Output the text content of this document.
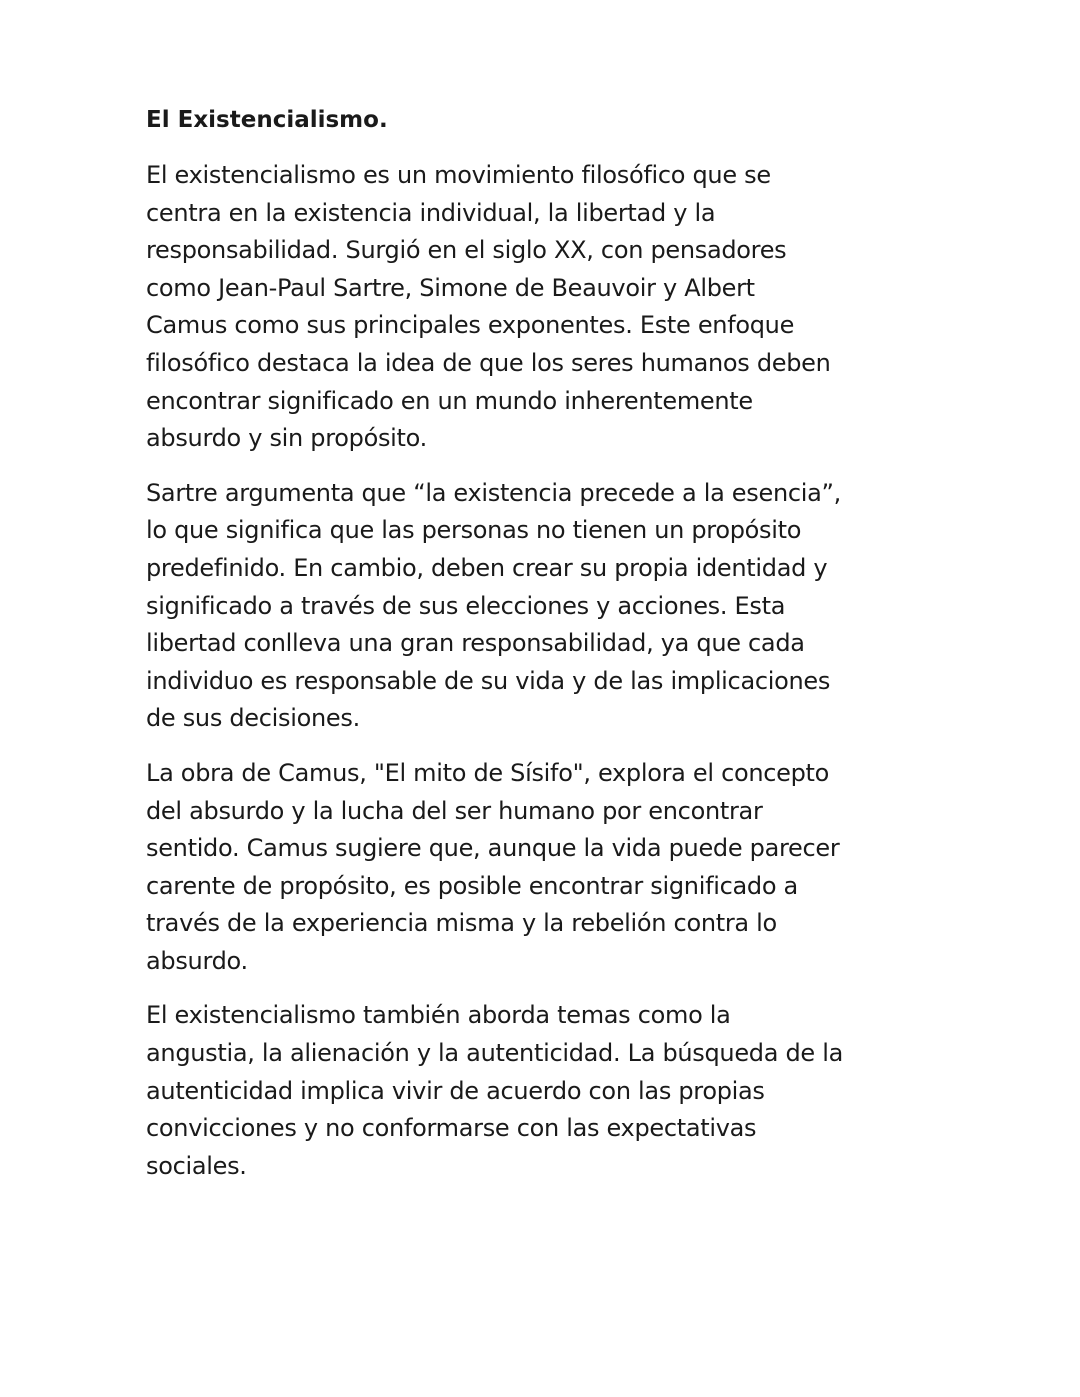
El Existencialismo.

El existencialismo es un movimiento filosófico que se
centra en la existencia individual, la libertad y la
responsabilidad. Surgió en el siglo XX, con pensadores
como Jean-Paul Sartre, Simone de Beauvoir y Albert
Camus como sus principales exponentes. Este enfoque
filosófico destaca la idea de que los seres humanos deben
encontrar significado en un mundo inherentemente
absurdo y sin propósito.

Sartre argumenta que “la existencia precede a la esencia”,
lo que significa que las personas no tienen un propósito
predefinido. En cambio, deben crear su propia identidad y
significado a través de sus elecciones y acciones. Esta
libertad conlleva una gran responsabilidad, ya que cada
individuo es responsable de su vida y de las implicaciones
de sus decisiones.

La obra de Camus, "El mito de Sísifo", explora el concepto
del absurdo y la lucha del ser humano por encontrar
sentido. Camus sugiere que, aunque la vida puede parecer
carente de propósito, es posible encontrar significado a
través de la experiencia misma y la rebelión contra lo
absurdo.

El existencialismo también aborda temas como la
angustia, la alienación y la autenticidad. La búsqueda de la
autenticidad implica vivir de acuerdo con las propias
convicciones y no conformarse con las expectativas
sociales.
